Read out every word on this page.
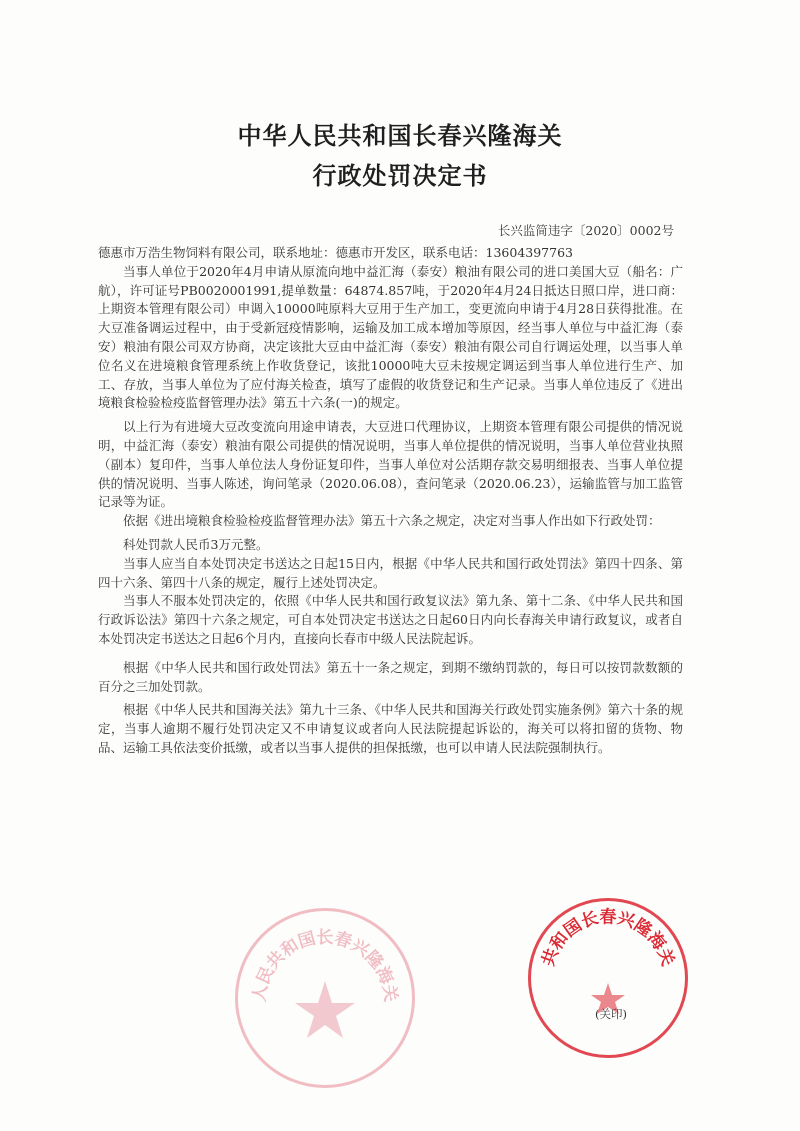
中华人民共和国长春兴隆海关
行政处罚决定书
长兴监简违字〔2020〕0002号

德惠市万浩生物饲料有限公司，联系地址：德惠市开发区，联系电话：13604397763

当事人单位于2020年4月申请从原流向地中益汇海（泰安）粮油有限公司的进口美国大豆（船名：广航），许可证号PB0020001991,提单数量：64874.857吨，于2020年4月24日抵达日照口岸，进口商：上期资本管理有限公司）申调入10000吨原料大豆用于生产加工，变更流向申请于4月28日获得批准。在大豆准备调运过程中，由于受新冠疫情影响，运输及加工成本增加等原因，经当事人单位与中益汇海（泰安）粮油有限公司双方协商，决定该批大豆由中益汇海（泰安）粮油有限公司自行调运处理，以当事人单位名义在进境粮食管理系统上作收货登记，该批10000吨大豆未按规定调运到当事人单位进行生产、加工、存放，当事人单位为了应付海关检查，填写了虚假的收货登记和生产记录。当事人单位违反了《进出境粮食检验检疫监督管理办法》第五十六条(一)的规定。

以上行为有进境大豆改变流向用途申请表，大豆进口代理协议，上期资本管理有限公司提供的情况说明，中益汇海（泰安）粮油有限公司提供的情况说明，当事人单位提供的情况说明，当事人单位营业执照（副本）复印件，当事人单位法人身份证复印件，当事人单位对公活期存款交易明细报表、当事人单位提供的情况说明、当事人陈述，询问笔录（2020.06.08），查问笔录（2020.06.23），运输监管与加工监管记录等为证。

依据《进出境粮食检验检疫监督管理办法》第五十六条之规定，决定对当事人作出如下行政处罚：

科处罚款人民币3万元整。

当事人应当自本处罚决定书送达之日起15日内，根据《中华人民共和国行政处罚法》第四十四条、第四十六条、第四十八条的规定，履行上述处罚决定。

当事人不服本处罚决定的，依照《中华人民共和国行政复议法》第九条、第十二条、《中华人民共和国行政诉讼法》第四十六条之规定，可自本处罚决定书送达之日起60日内向长春海关申请行政复议，或者自本处罚决定书送达之日起6个月内，直接向长春市中级人民法院起诉。

根据《中华人民共和国行政处罚法》第五十一条之规定，到期不缴纳罚款的，每日可以按罚款数额的百分之三加处罚款。

根据《中华人民共和国海关法》第九十三条、《中华人民共和国海关行政处罚实施条例》第六十条的规定，当事人逾期不履行处罚决定又不申请复议或者向人民法院提起诉讼的，海关可以将扣留的货物、物品、运输工具依法变价抵缴，或者以当事人提供的担保抵缴，也可以申请人民法院强制执行。

人民共和国长春兴隆海关
共和国长春兴隆海关
(关印)
